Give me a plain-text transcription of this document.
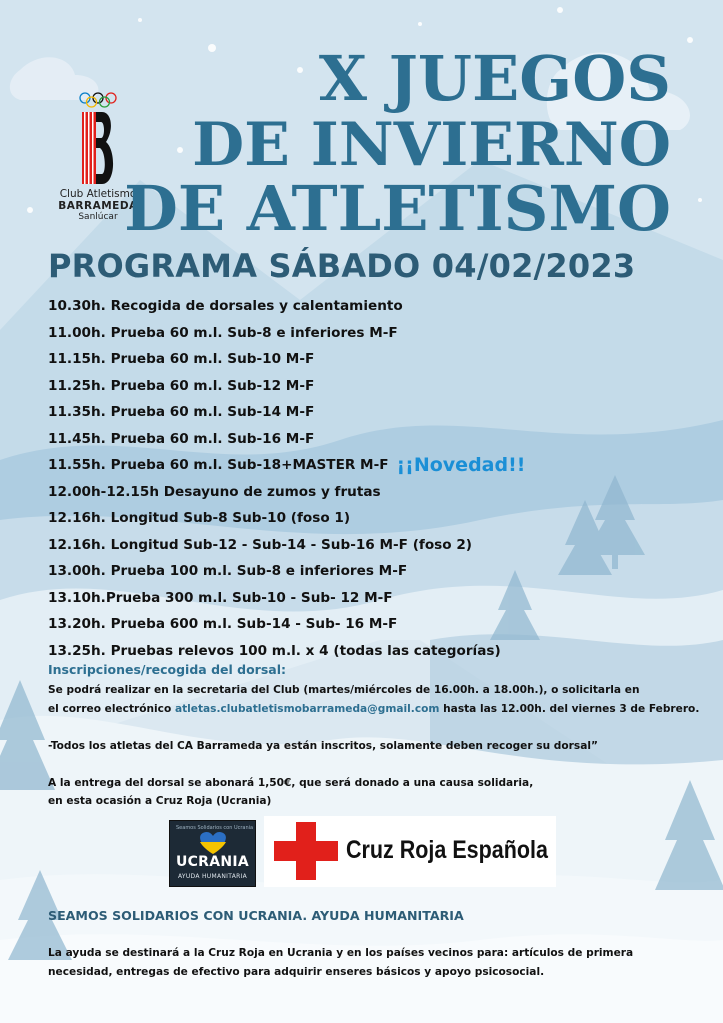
Club Atletismo
BARRAMEDA
Sanlúcar
X JUEGOS
DE INVIERNO
DE ATLETISMO
PROGRAMA SÁBADO 04/02/2023
10.30h. Recogida de dorsales y calentamiento
11.00h. Prueba 60 m.l. Sub-8 e inferiores M-F
11.15h. Prueba 60 m.l. Sub-10 M-F
11.25h. Prueba 60 m.l. Sub-12 M-F
11.35h. Prueba 60 m.l. Sub-14 M-F
11.45h. Prueba 60 m.l. Sub-16 M-F
11.55h. Prueba 60 m.l. Sub-18+MASTER M-F ¡¡Novedad!!
12.00h-12.15h Desayuno de zumos y frutas
12.16h. Longitud Sub-8 Sub-10 (foso 1)
12.16h. Longitud Sub-12 - Sub-14 - Sub-16 M-F (foso 2)
13.00h. Prueba 100 m.l. Sub-8 e inferiores M-F
13.10h.Prueba 300 m.l. Sub-10 - Sub- 12 M-F
13.20h. Prueba 600 m.l. Sub-14 - Sub- 16 M-F
13.25h. Pruebas relevos 100 m.l. x 4 (todas las categorías)
Inscripciones/recogida del dorsal:
Se podrá realizar en la secretaria del Club (martes/miércoles de 16.00h. a 18.00h.), o solicitarla en
el correo electrónico atletas.clubatletismobarrameda@gmail.com hasta las 12.00h. del viernes 3 de Febrero.
-Todos los atletas del CA Barrameda ya están inscritos, solamente deben recoger su dorsal”
A la entrega del dorsal se abonará 1,50€, que será donado a una causa solidaria,
en esta ocasión a Cruz Roja (Ucrania)
Seamos Solidarios con Ucrania
UCRANIA
AYUDA HUMANITARIA
Cruz Roja Española
SEAMOS SOLIDARIOS CON UCRANIA. AYUDA HUMANITARIA
La ayuda se destinará a la Cruz Roja en Ucrania y en los países vecinos para: artículos de primera
necesidad, entregas de efectivo para adquirir enseres básicos y apoyo psicosocial.
